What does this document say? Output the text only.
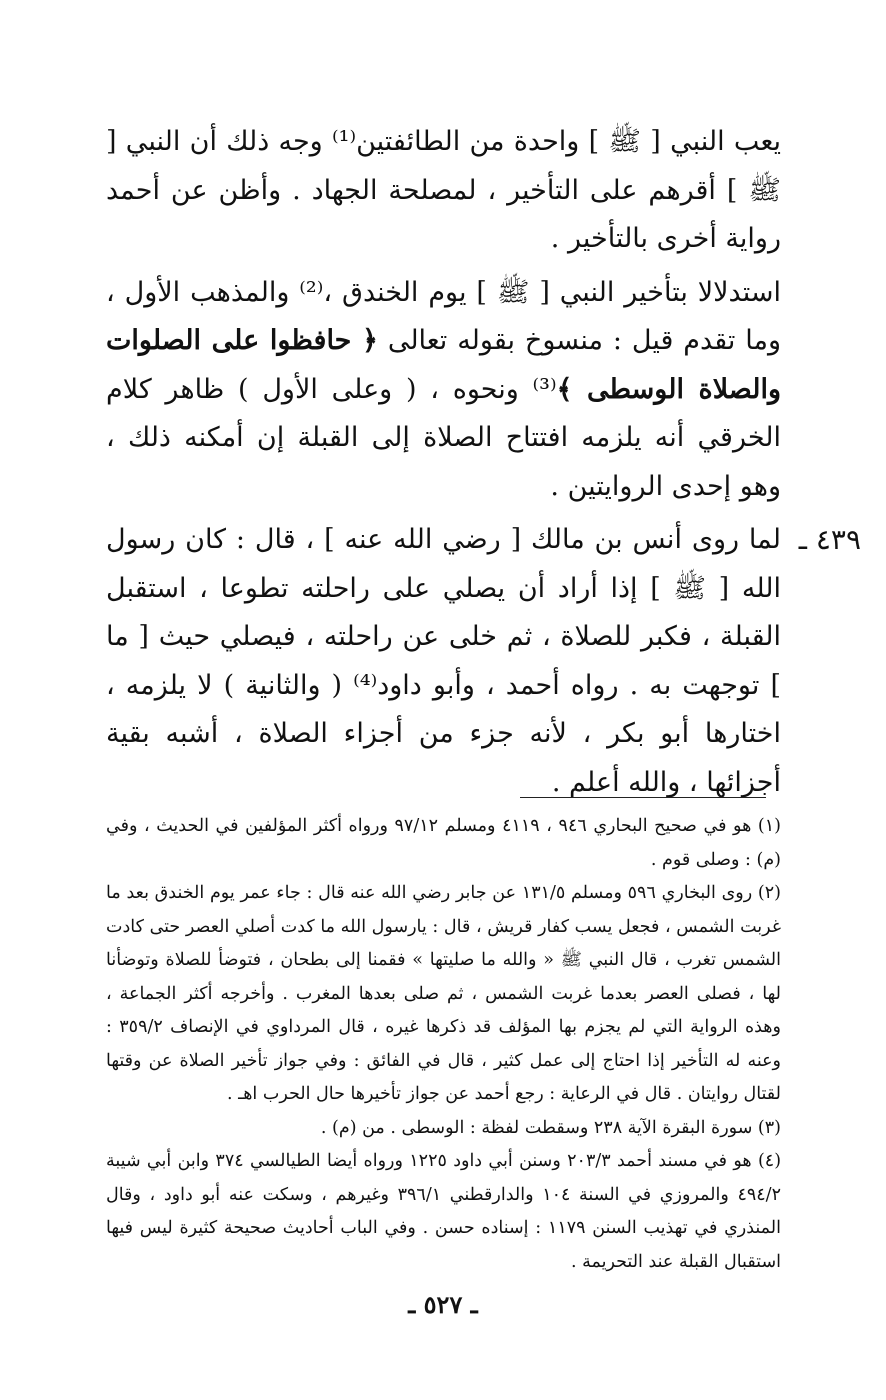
يعب النبي [ ﷺ ] واحدة من الطائفتين⁽¹⁾ وجه ذلك أن النبي [ ﷺ ] أقرهم على التأخير ، لمصلحة الجهاد . وأظن عن أحمد رواية أخرى بالتأخير .

استدلالا بتأخير النبي [ ﷺ ] يوم الخندق ،⁽²⁾ والمذهب الأول ، وما تقدم قيل : منسوخ بقوله تعالى ﴿ حافظوا على الصلوات والصلاة الوسطى ﴾⁽³⁾ ونحوه ، ( وعلى الأول ) ظاهر كلام الخرقي أنه يلزمه افتتاح الصلاة إلى القبلة إن أمكنه ذلك ، وهو إحدى الروايتين .

٤٣٩ ـ
لما روى أنس بن مالك [ رضي الله عنه ] ، قال : كان رسول الله [ ﷺ ] إذا أراد أن يصلي على راحلته تطوعا ، استقبل القبلة ، فكبر للصلاة ، ثم خلى عن راحلته ، فيصلي حيث [ ما ] توجهت به . رواه أحمد ، وأبو داود⁽⁴⁾ ( والثانية ) لا يلزمه ، اختارها أبو بكر ، لأنه جزء من أجزاء الصلاة ، أشبه بقية أجزائها ، والله أعلم .

(١) هو في صحيح البحاري ٩٤٦ ، ٤١١٩ ومسلم ٩٧/١٢ ورواه أكثر المؤلفين في الحديث ، وفي (م) : وصلى قوم .

(٢) روى البخاري ٥٩٦ ومسلم ١٣١/٥ عن جابر رضي الله عنه قال : جاء عمر يوم الخندق بعد ما غربت الشمس ، فجعل يسب كفار قريش ، قال : يارسول الله ما كدت أصلي العصر حتى كادت الشمس تغرب ، قال النبي ﷺ « والله ما صليتها » فقمنا إلى بطحان ، فتوضأ للصلاة وتوضأنا لها ، فصلى العصر بعدما غربت الشمس ، ثم صلى بعدها المغرب . وأخرجه أكثر الجماعة ، وهذه الرواية التي لم يجزم بها المؤلف قد ذكرها غيره ، قال المرداوي في الإنصاف ٣٥٩/٢ : وعنه له التأخير إذا احتاج إلى عمل كثير ، قال في الفائق : وفي جواز تأخير الصلاة عن وقتها لقتال روايتان . قال في الرعاية : رجع أحمد عن جواز تأخيرها حال الحرب اهـ .

(٣) سورة البقرة الآية ٢٣٨ وسقطت لفظة : الوسطى . من (م) .

(٤) هو في مسند أحمد ٢٠٣/٣ وسنن أبي داود ١٢٢٥ ورواه أيضا الطيالسي ٣٧٤ وابن أبي شيبة ٤٩٤/٢ والمروزي في السنة ١٠٤ والدارقطني ٣٩٦/١ وغيرهم ، وسكت عنه أبو داود ، وقال المنذري في تهذيب السنن ١١٧٩ : إسناده حسن . وفي الباب أحاديث صحيحة كثيرة ليس فيها استقبال القبلة عند التحريمة .

ـ ٥٢٧ ـ
